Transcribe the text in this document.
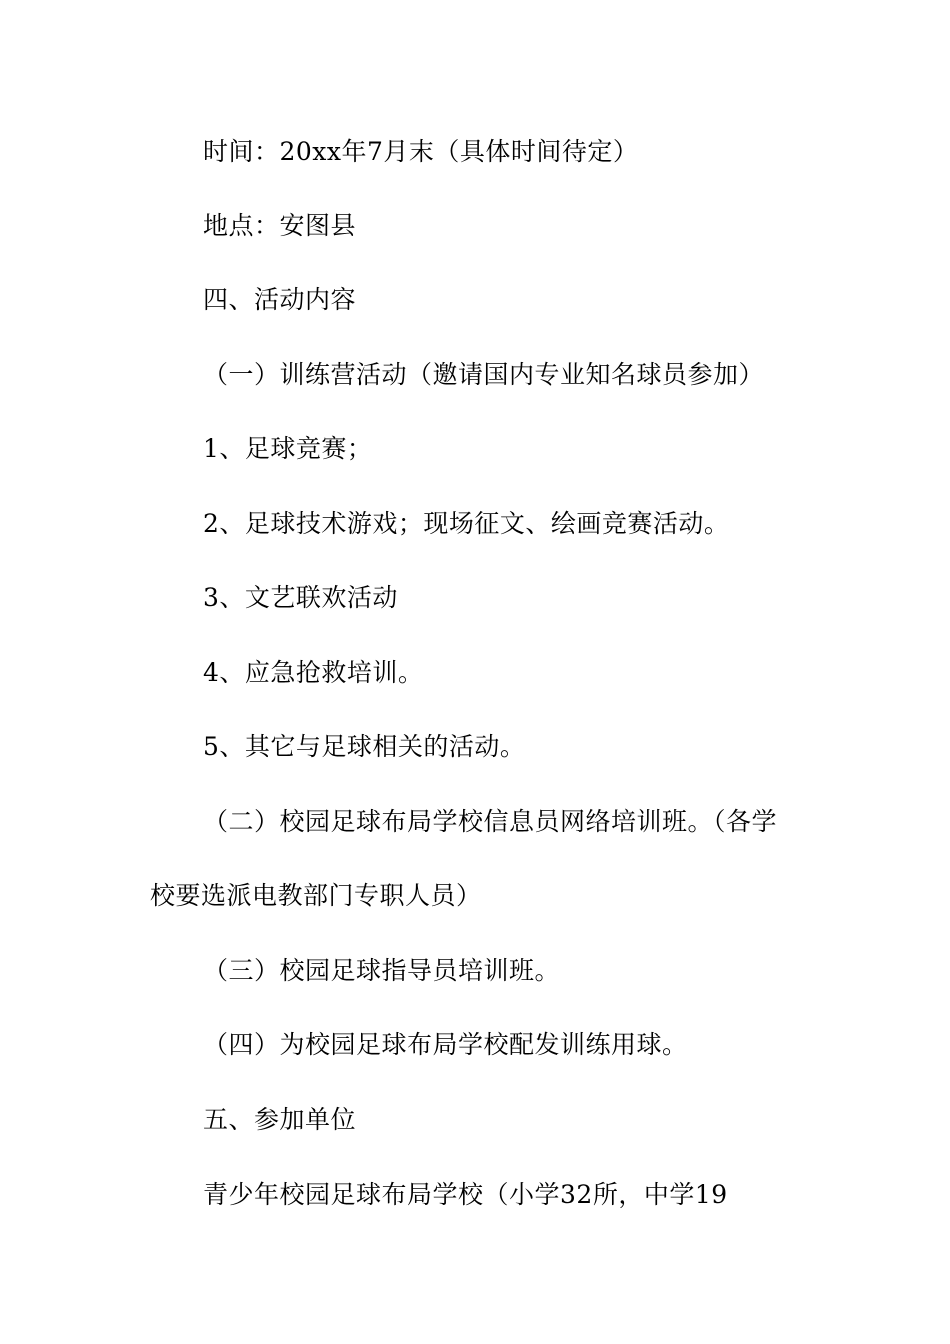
时间：20xx年7月末（具体时间待定）
地点：安图县
四、活动内容
（一）训练营活动（邀请国内专业知名球员参加）
1、足球竞赛；
2、足球技术游戏；现场征文、绘画竞赛活动。
3、文艺联欢活动
4、应急抢救培训。
5、其它与足球相关的活动。
（二）校园足球布局学校信息员网络培训班。（各学
校要选派电教部门专职人员）
（三）校园足球指导员培训班。
（四）为校园足球布局学校配发训练用球。
五、参加单位
青少年校园足球布局学校（小学32所，中学19
